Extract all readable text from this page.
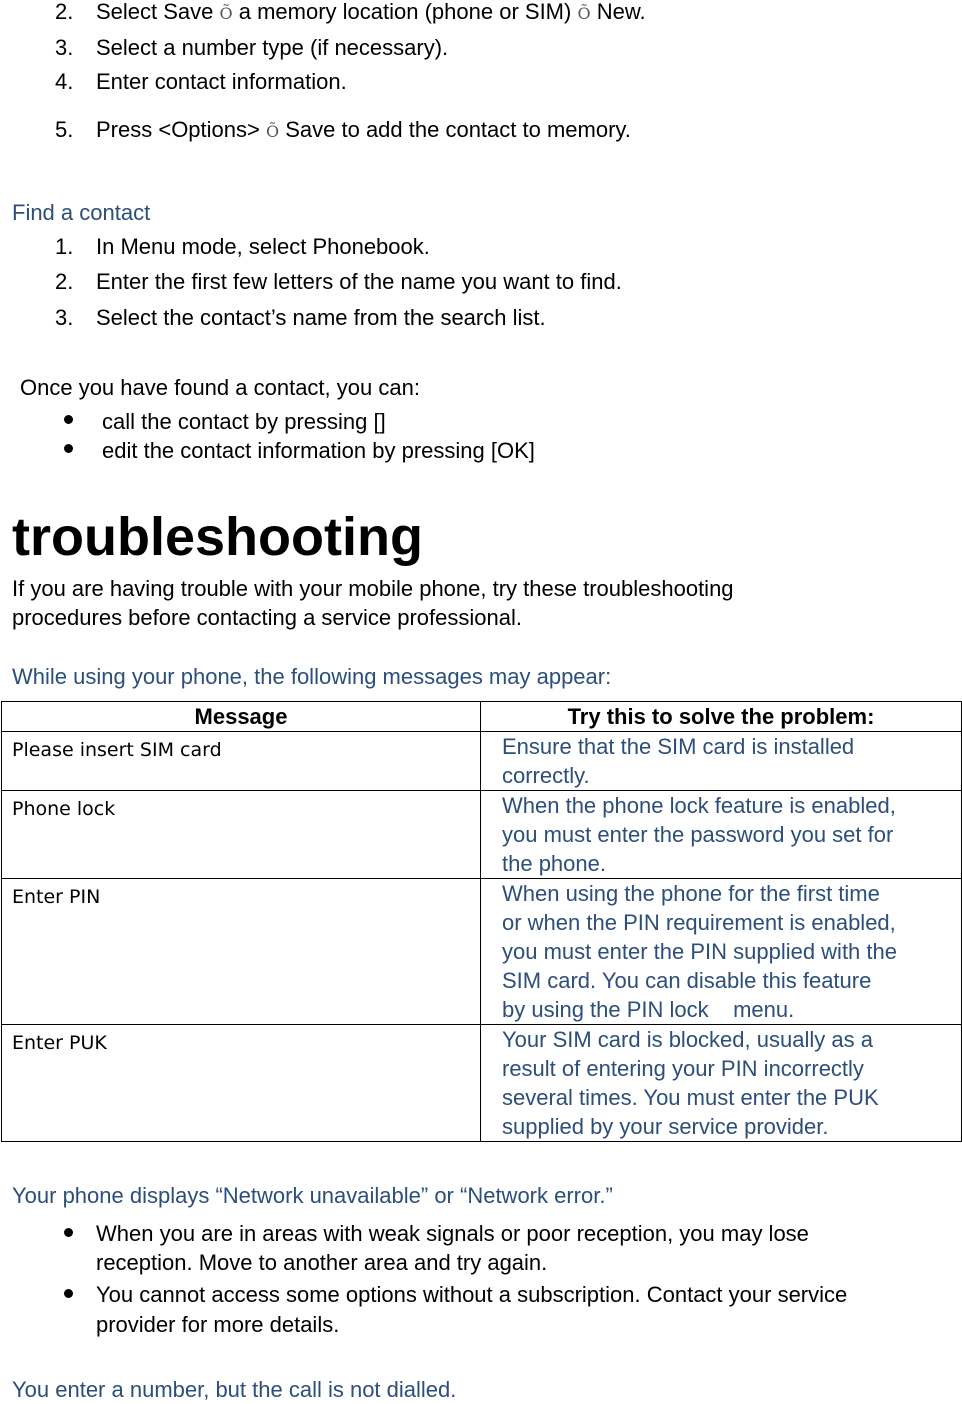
2. Select Save Õ a memory location (phone or SIM) Õ New.
3. Select a number type (if necessary).
4. Enter contact information.
5. Press <Options> Õ Save to add the contact to memory.
Find a contact
1. In Menu mode, select Phonebook.
2. Enter the first few letters of the name you want to find.
3. Select the contact’s name from the search list.
Once you have found a contact, you can:
call the contact by pressing []
edit the contact information by pressing [OK]
troubleshooting
If you are having trouble with your mobile phone, try these troubleshooting
procedures before contacting a service professional.
While using your phone, the following messages may appear:
Message	Try this to solve the problem:
Please insert SIM card	Ensure that the SIM card is installed
correctly.

Phone lock	When the phone lock feature is enabled,
you must enter the password you set for
the phone.

Enter PIN	When using the phone for the first time
or when the PIN requirement is enabled,
you must enter the PIN supplied with the
SIM card. You can disable this feature
by using the PIN lock    menu.

Enter PUK	Your SIM card is blocked, usually as a
result of entering your PIN incorrectly
several times. You must enter the PUK
supplied by your service provider.
Your phone displays “Network unavailable” or “Network error.”
When you are in areas with weak signals or poor reception, you may lose
reception. Move to another area and try again.
You cannot access some options without a subscription. Contact your service
provider for more details.
You enter a number, but the call is not dialled.
